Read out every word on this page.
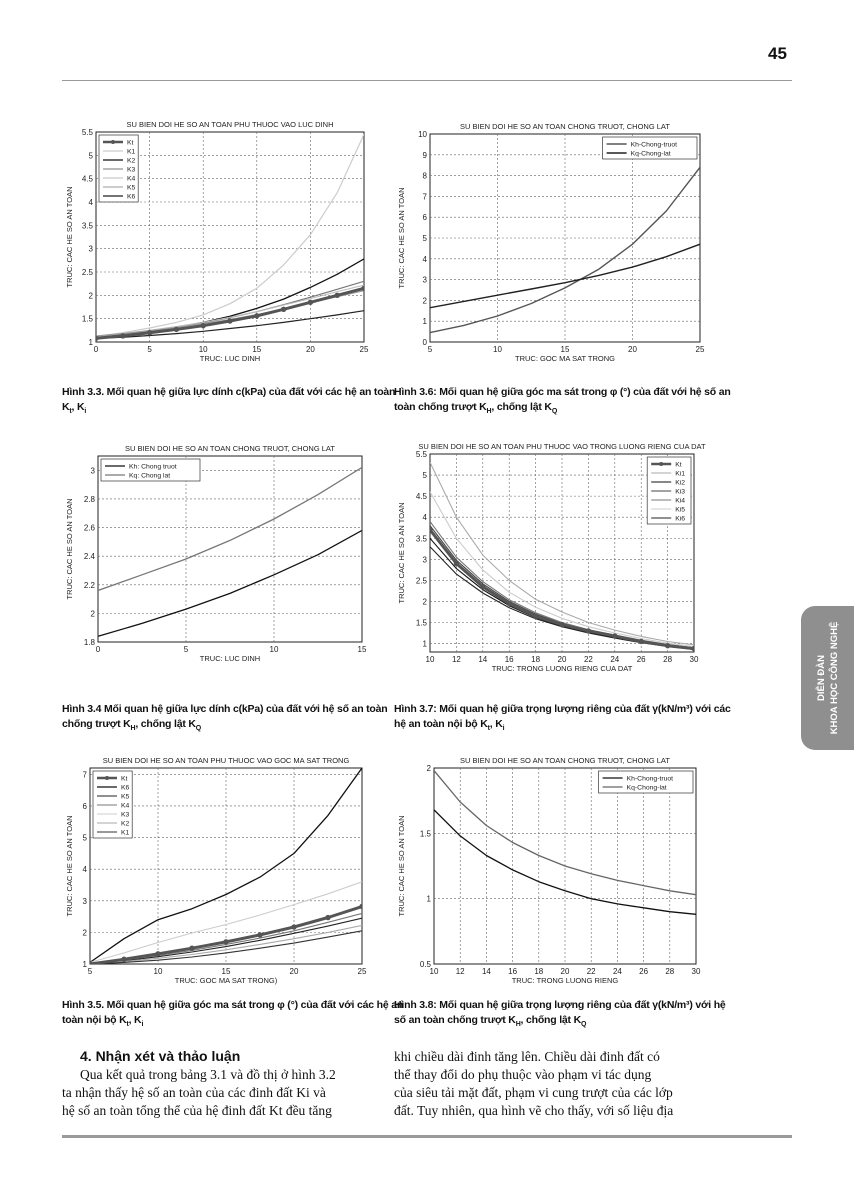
45
DIỄN ĐÀN KHOA HỌC CÔNG NGHỆ
0	5	10	15	20	25
1
1.5
2
2.5
3
3.5
4
4.5
5
5.5
SU BIEN DOI HE SO AN TOAN PHU THUOC VAO LUC DINH
TRUC: LUC DINH
TRUC: CAC HE SO AN TOAN
Kt
K1
K2
K3
K4
K5
K6
5	10	15	20	25
0
1
2
3
4
5
6
7
8
9
10
SU BIEN DOI HE SO AN TOAN CHONG TRUOT, CHONG LAT
TRUC: GOC MA SAT TRONG
TRUC: CAC HE SO AN TOAN
Kh-Chong-truot
Kq-Chong-lat
0	5	10	15
1.8
2
2.2
2.4
2.6
2.8
3
SU BIEN DOI HE SO AN TOAN CHONG TRUOT, CHONG LAT
TRUC: LUC DINH
TRUC: CAC HE SO AN TOAN
Kh: Chong truot
Kq: Chong lat
10 12 14 16 18 20 22 24 26 28 30
1
1.5
2
2.5
3
3.5
4
4.5
5
5.5
SU BIEN DOI HE SO AN TOAN PHU THUOC VAO TRONG LUONG RIENG CUA DAT
TRUC: TRONG LUONG RIENG CUA DAT
TRUC: CAC HE SO AN TOAN
Kt
Ki1
Ki2
Ki3
Ki4
Ki5
Ki6
5	10	15	20	25
1
2
3
4
5
6
7
SU BIEN DOI HE SO AN TOAN PHU THUOC VAO GOC MA SAT TRONG
TRUC: GOC MA SAT TRONG)
TRUC: CAC HE SO AN TOAN
Kt
K6
K5
K4
K3
K2
K1
10 12 14 16 18 20 22 24 26 28 30
0.5
1
1.5
2
SU BIEN DOI HE SO AN TOAN CHONG TRUOT, CHONG LAT
TRUC: TRONG LUONG RIENG
TRUC: CAC HE SO AN TOAN
Kh-Chong-truot
Kq-Chong-lat
Hình 3.3. Mối quan hệ giữa lực dính c(kPa) của đất với các hệ an toàn
$K_t$, $K_i$
Hình 3.6: Mối quan hệ giữa góc ma sát trong φ (°) của đất với hệ số an
toàn chống trượt $K_H$, chống lật $K_Q$
Hình 3.4 Mối quan hệ giữa lực dính c(kPa) của đất với hệ số an toàn
chống trượt $K_H$, chống lật $K_Q$
Hình 3.7: Mối quan hệ giữa trọng lượng riêng của đất γ(kN/m³) với các
hệ an toàn nội bộ $K_t$, $K_i$
Hình 3.5. Mối quan hệ giữa góc ma sát trong φ (°) của đất với các hệ an
toàn nội bộ $K_t$, $K_i$
Hình 3.8: Mối quan hệ giữa trọng lượng riêng của đất γ(kN/m³) với hệ
số an toàn chống trượt $K_H$, chống lật $K_Q$
4. Nhận xét và thảo luận
Qua kết quả trong bảng 3.1 và đồ thị ở hình 3.2
ta nhận thấy hệ số an toàn của các đinh đất Ki và
hệ số an toàn tổng thể của hệ đinh đất Kt đều tăng
khi chiều dài đinh tăng lên. Chiều dài đinh đất có
thể thay đổi do phụ thuộc vào phạm vi tác dụng
của siêu tải mặt đất, phạm vi cung trượt của các lớp
đất. Tuy nhiên, qua hình vẽ cho thấy, với số liệu địa
